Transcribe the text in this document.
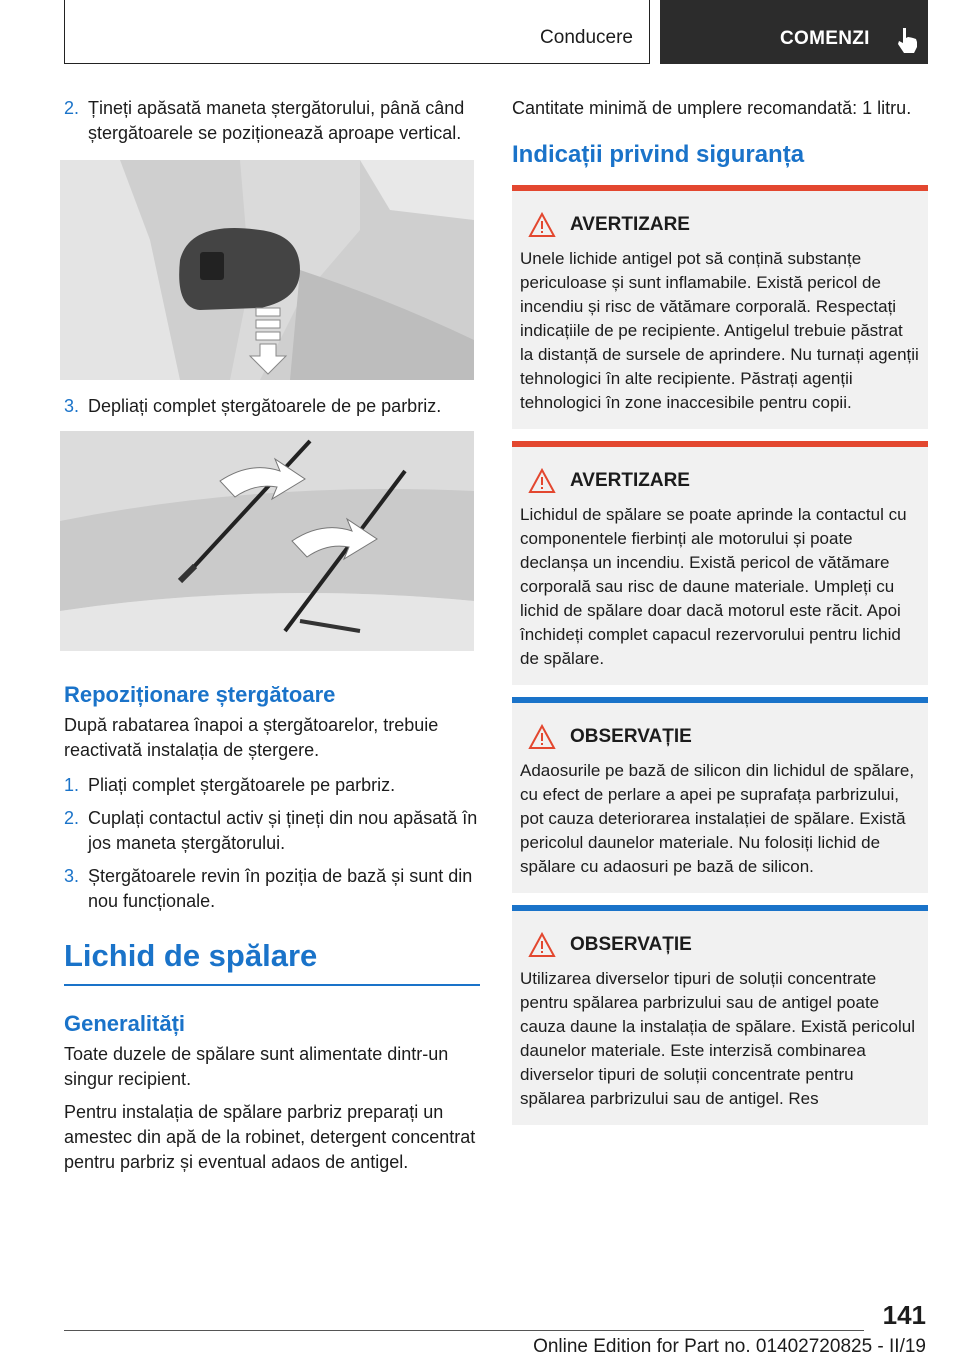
Conducere	COMENZI
2. Țineți apăsată maneta ștergătorului, până când ștergătoarele se poziționează aproape vertical.
3. Depliați complet ștergătoarele de pe parbriz.
Repoziționare ștergătoare
După rabatarea înapoi a ștergătoarelor, trebuie reactivată instalația de ștergere.
1. Pliați complet ștergătoarele pe parbriz.
2. Cuplați contactul activ și țineți din nou apăsată în jos maneta ștergătorului.
3. Ștergătoarele revin în poziția de bază și sunt din nou funcționale.
Lichid de spălare
Generalități
Toate duzele de spălare sunt alimentate dintr-un singur recipient.
Pentru instalația de spălare parbriz preparați un amestec din apă de la robinet, detergent concentrat pentru parbriz și eventual adaos de antigel.
Cantitate minimă de umplere recomandată: 1 litru.
Indicații privind siguranța
AVERTIZARE
Unele lichide antigel pot să conțină substanțe periculoase și sunt inflamabile. Există pericol de incendiu și risc de vătămare corporală. Respectați indicațiile de pe recipiente. Antigelul trebuie păstrat la distanță de sursele de aprindere. Nu turnați agenții tehnologici în alte recipiente. Păstrați agenții tehnologici în zone inaccesibile pentru copii.
AVERTIZARE
Lichidul de spălare se poate aprinde la contactul cu componentele fierbinți ale motorului și poate declanșa un incendiu. Există pericol de vătămare corporală sau risc de daune materiale. Umpleți cu lichid de spălare doar dacă motorul este răcit. Apoi închideți complet capacul rezervorului pentru lichid de spălare.
OBSERVAȚIE
Adaosurile pe bază de silicon din lichidul de spălare, cu efect de perlare a apei pe suprafața parbrizului, pot cauza deteriorarea instalației de spălare. Există pericolul daunelor materiale. Nu folosiți lichid de spălare cu adaosuri pe bază de silicon.
OBSERVAȚIE
Utilizarea diverselor tipuri de soluții concentrate pentru spălarea parbrizului sau de antigel poate cauza daune la instalația de spălare. Există pericolul daunelor materiale. Este interzisă combinarea diverselor tipuri de soluții concentrate pentru spălarea parbrizului sau de antigel. Res
141
Online Edition for Part no. 01402720825 - II/19
